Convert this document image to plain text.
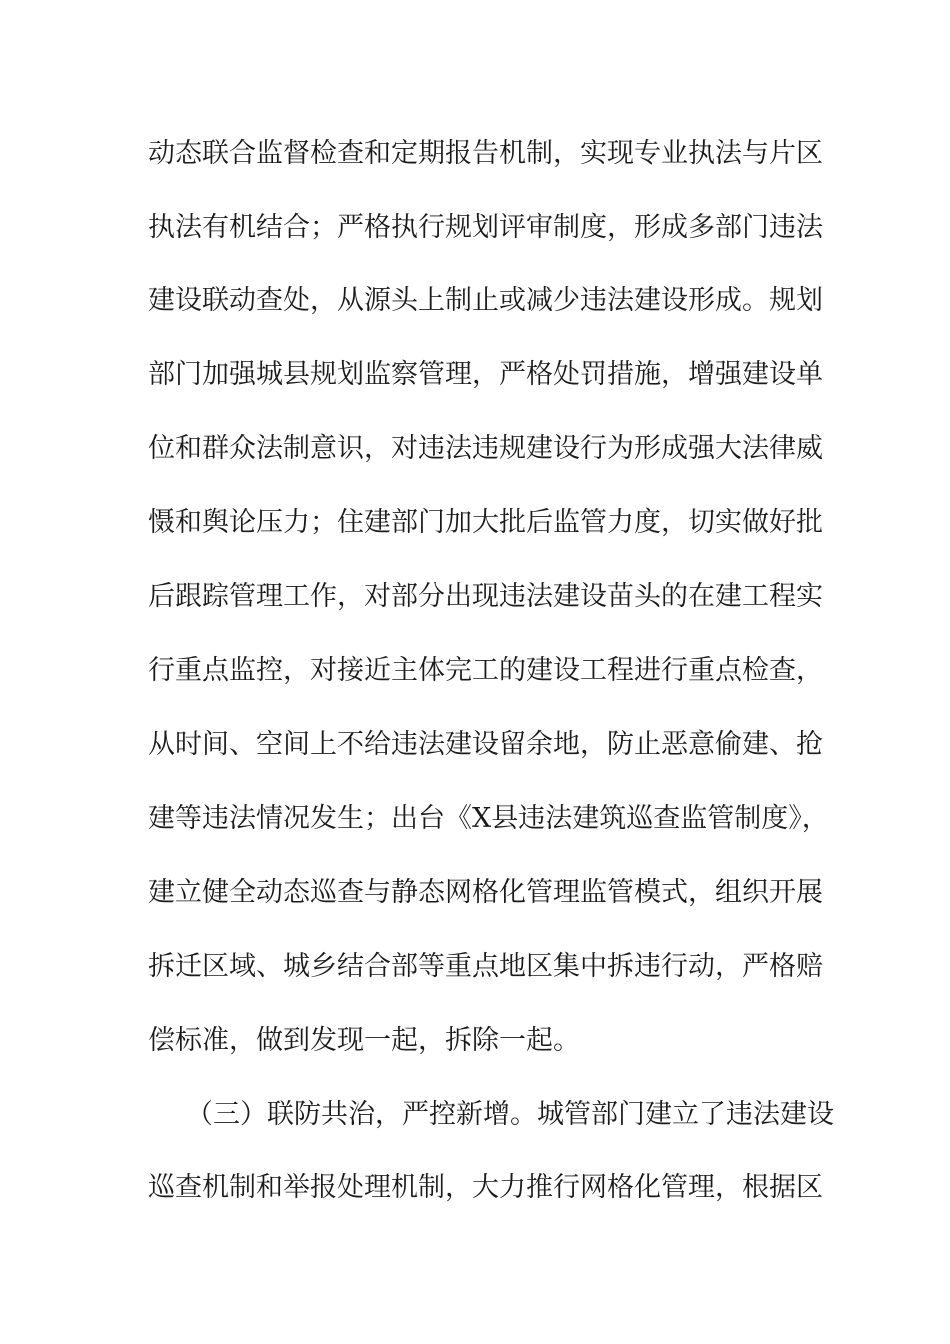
动态联合监督检查和定期报告机制，实现专业执法与片区
执法有机结合；严格执行规划评审制度，形成多部门违法
建设联动查处，从源头上制止或减少违法建设形成。规划
部门加强城县规划监察管理，严格处罚措施，增强建设单
位和群众法制意识，对违法违规建设行为形成强大法律威
慑和舆论压力；住建部门加大批后监管力度，切实做好批
后跟踪管理工作，对部分出现违法建设苗头的在建工程实
行重点监控，对接近主体完工的建设工程进行重点检查，
从时间、空间上不给违法建设留余地，防止恶意偷建、抢
建等违法情况发生；出台《X县违法建筑巡查监管制度》，
建立健全动态巡查与静态网格化管理监管模式，组织开展
拆迁区域、城乡结合部等重点地区集中拆违行动，严格赔
偿标准，做到发现一起，拆除一起。
（三）联防共治，严控新增。城管部门建立了违法建设
巡查机制和举报处理机制，大力推行网格化管理，根据区
